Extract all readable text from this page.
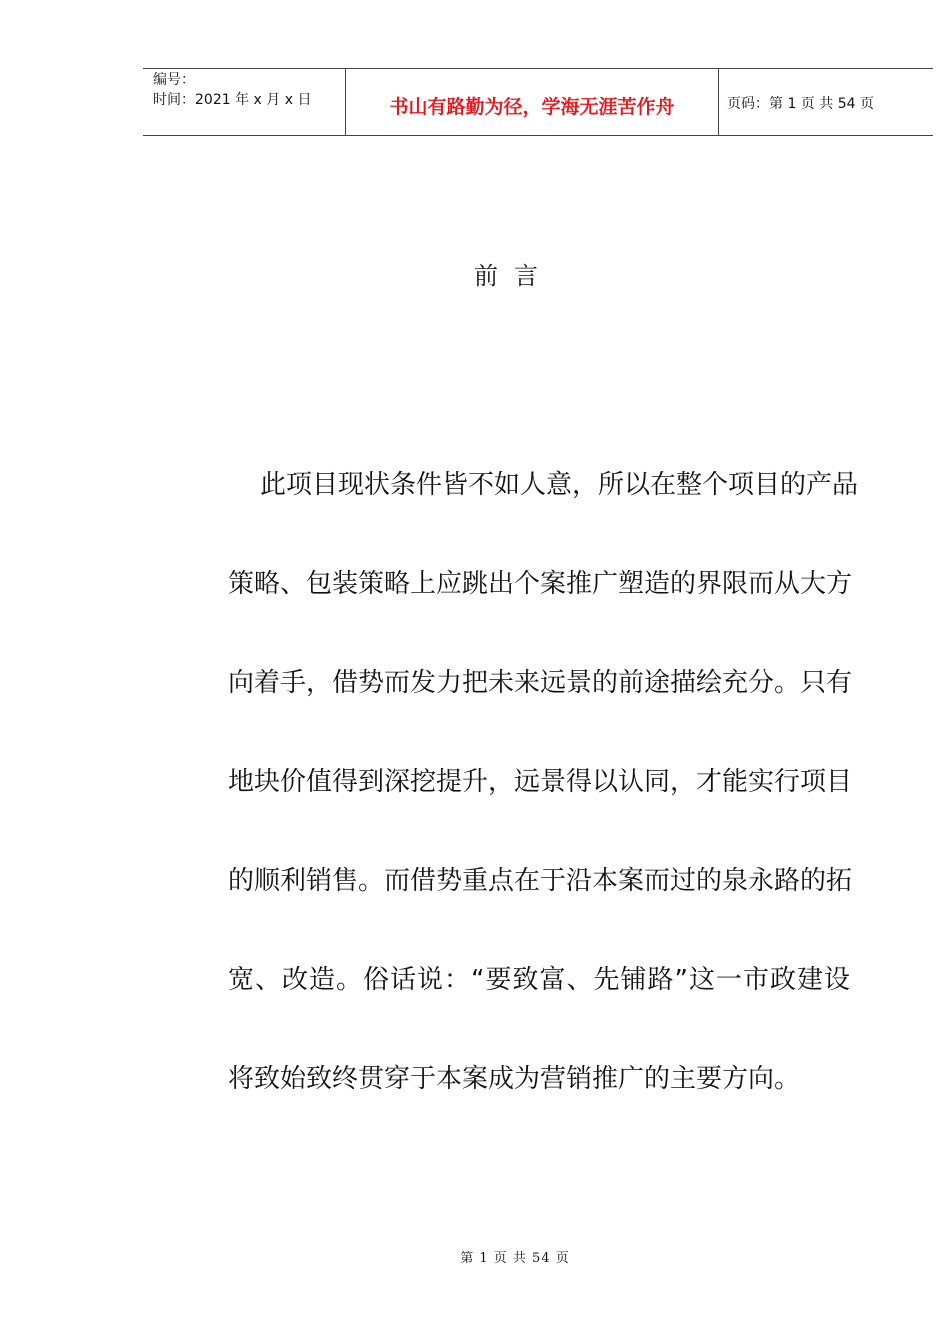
编号：
时间：2021 年 x 月 x 日	书山有路勤为径，学海无涯苦作舟	页码：第 1 页 共 54 页
前言
此项目现状条件皆不如人意，所以在整个项目的产品
策略、包装策略上应跳出个案推广塑造的界限而从大方
向着手，借势而发力把未来远景的前途描绘充分。只有
地块价值得到深挖提升，远景得以认同，才能实行项目
的顺利销售。而借势重点在于沿本案而过的泉永路的拓
宽、改造。俗话说：“要致富、先铺路”这一市政建设
将致始致终贯穿于本案成为营销推广的主要方向。
第 1 页 共 54 页
